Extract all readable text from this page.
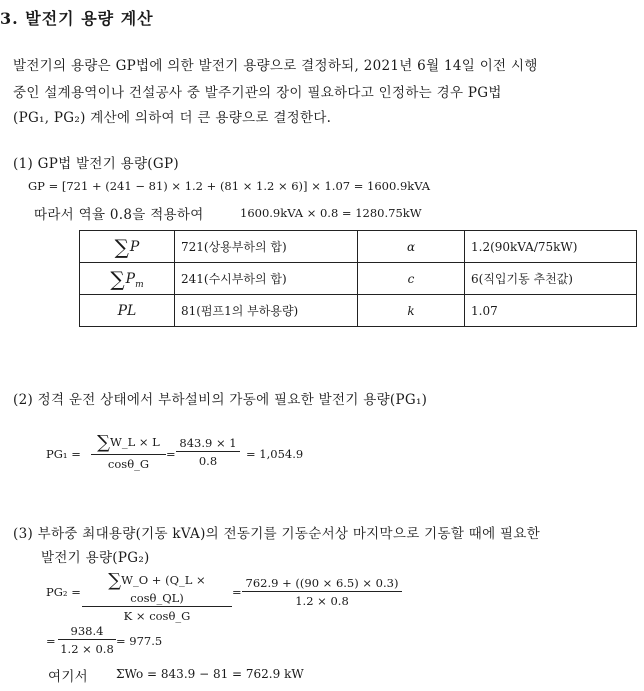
3. 발전기 용량 계산
발전기의 용량은 GP법에 의한 발전기 용량으로 결정하되, 2021년 6월 14일 이전 시행
중인 설계용역이나 건설공사 중 발주기관의 장이 필요하다고 인정하는 경우 PG법
(PG₁, PG₂) 계산에 의하여 더 큰 용량으로 결정한다.
(1) GP법 발전기 용량(GP)
GP = [721 + (241 − 81) × 1.2 + (81 × 1.2 × 6)] × 1.07 = 1600.9kVA
따라서 역율 0.8을 적용하여	1600.9kVA × 0.8 = 1280.75kW
∑P	721(상용부하의 합)	α	1.2(90kVA/75kW)
$\sum P_m$	241(수시부하의 합)	c	6(직입기동 추천값)
PL	81(펌프1의 부하용량)	k	1.07
(2) 정격 운전 상태에서 부하설비의 가동에 필요한 발전기 용량(PG₁)
PG₁ =
∑W_L × L
cosθ_G
=
843.9 × 1
0.8	= 1,054.9
(3) 부하중 최대용량(기동 kVA)의 전동기를 기동순서상 마지막으로 기동할 때에 필요한
발전기 용량(PG₂)
PG₂ =
∑W_O + (Q_L × cosθ_QL)
K × cosθ_G
=
762.9 + ((90 × 6.5) × 0.3)
1.2 × 0.8
=
938.4
1.2 × 0.8
= 977.5
여기서 ΣWo = 843.9 − 81 = 762.9 kW
